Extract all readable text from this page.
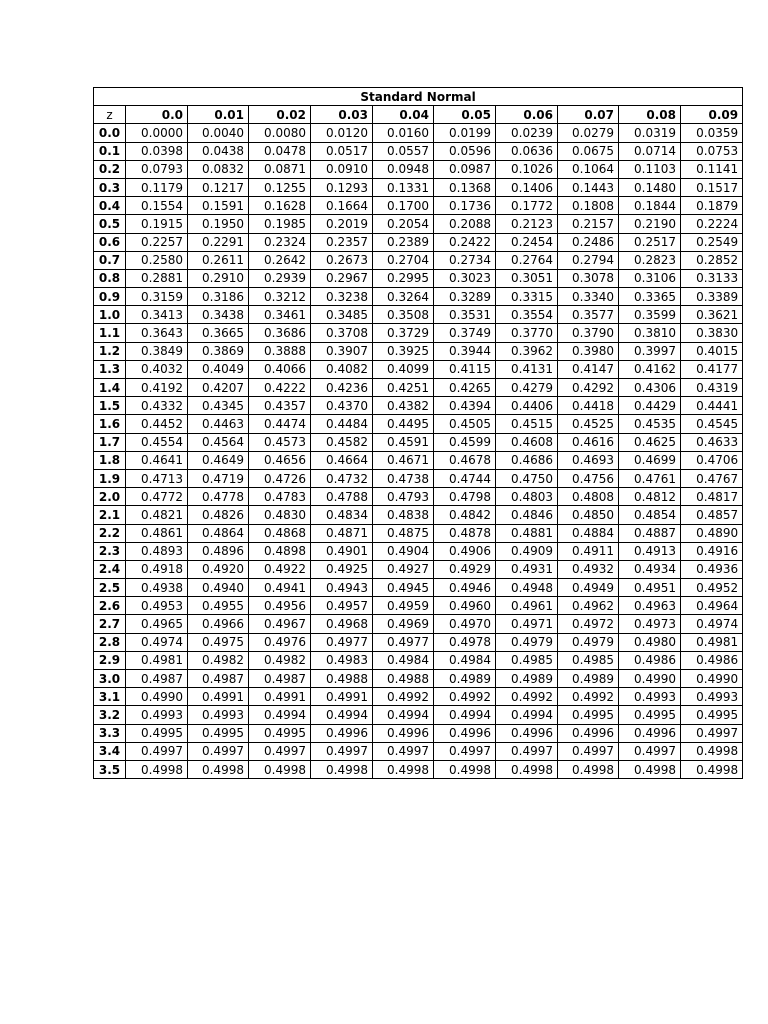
Standard Normal										
z	0.0	0.01	0.02	0.03	0.04	0.05	0.06	0.07	0.08	0.09
0.0	0.0000	0.0040	0.0080	0.0120	0.0160	0.0199	0.0239	0.0279	0.0319	0.0359
0.1	0.0398	0.0438	0.0478	0.0517	0.0557	0.0596	0.0636	0.0675	0.0714	0.0753
0.2	0.0793	0.0832	0.0871	0.0910	0.0948	0.0987	0.1026	0.1064	0.1103	0.1141
0.3	0.1179	0.1217	0.1255	0.1293	0.1331	0.1368	0.1406	0.1443	0.1480	0.1517
0.4	0.1554	0.1591	0.1628	0.1664	0.1700	0.1736	0.1772	0.1808	0.1844	0.1879
0.5	0.1915	0.1950	0.1985	0.2019	0.2054	0.2088	0.2123	0.2157	0.2190	0.2224
0.6	0.2257	0.2291	0.2324	0.2357	0.2389	0.2422	0.2454	0.2486	0.2517	0.2549
0.7	0.2580	0.2611	0.2642	0.2673	0.2704	0.2734	0.2764	0.2794	0.2823	0.2852
0.8	0.2881	0.2910	0.2939	0.2967	0.2995	0.3023	0.3051	0.3078	0.3106	0.3133
0.9	0.3159	0.3186	0.3212	0.3238	0.3264	0.3289	0.3315	0.3340	0.3365	0.3389
1.0	0.3413	0.3438	0.3461	0.3485	0.3508	0.3531	0.3554	0.3577	0.3599	0.3621
1.1	0.3643	0.3665	0.3686	0.3708	0.3729	0.3749	0.3770	0.3790	0.3810	0.3830
1.2	0.3849	0.3869	0.3888	0.3907	0.3925	0.3944	0.3962	0.3980	0.3997	0.4015
1.3	0.4032	0.4049	0.4066	0.4082	0.4099	0.4115	0.4131	0.4147	0.4162	0.4177
1.4	0.4192	0.4207	0.4222	0.4236	0.4251	0.4265	0.4279	0.4292	0.4306	0.4319
1.5	0.4332	0.4345	0.4357	0.4370	0.4382	0.4394	0.4406	0.4418	0.4429	0.4441
1.6	0.4452	0.4463	0.4474	0.4484	0.4495	0.4505	0.4515	0.4525	0.4535	0.4545
1.7	0.4554	0.4564	0.4573	0.4582	0.4591	0.4599	0.4608	0.4616	0.4625	0.4633
1.8	0.4641	0.4649	0.4656	0.4664	0.4671	0.4678	0.4686	0.4693	0.4699	0.4706
1.9	0.4713	0.4719	0.4726	0.4732	0.4738	0.4744	0.4750	0.4756	0.4761	0.4767
2.0	0.4772	0.4778	0.4783	0.4788	0.4793	0.4798	0.4803	0.4808	0.4812	0.4817
2.1	0.4821	0.4826	0.4830	0.4834	0.4838	0.4842	0.4846	0.4850	0.4854	0.4857
2.2	0.4861	0.4864	0.4868	0.4871	0.4875	0.4878	0.4881	0.4884	0.4887	0.4890
2.3	0.4893	0.4896	0.4898	0.4901	0.4904	0.4906	0.4909	0.4911	0.4913	0.4916
2.4	0.4918	0.4920	0.4922	0.4925	0.4927	0.4929	0.4931	0.4932	0.4934	0.4936
2.5	0.4938	0.4940	0.4941	0.4943	0.4945	0.4946	0.4948	0.4949	0.4951	0.4952
2.6	0.4953	0.4955	0.4956	0.4957	0.4959	0.4960	0.4961	0.4962	0.4963	0.4964
2.7	0.4965	0.4966	0.4967	0.4968	0.4969	0.4970	0.4971	0.4972	0.4973	0.4974
2.8	0.4974	0.4975	0.4976	0.4977	0.4977	0.4978	0.4979	0.4979	0.4980	0.4981
2.9	0.4981	0.4982	0.4982	0.4983	0.4984	0.4984	0.4985	0.4985	0.4986	0.4986
3.0	0.4987	0.4987	0.4987	0.4988	0.4988	0.4989	0.4989	0.4989	0.4990	0.4990
3.1	0.4990	0.4991	0.4991	0.4991	0.4992	0.4992	0.4992	0.4992	0.4993	0.4993
3.2	0.4993	0.4993	0.4994	0.4994	0.4994	0.4994	0.4994	0.4995	0.4995	0.4995
3.3	0.4995	0.4995	0.4995	0.4996	0.4996	0.4996	0.4996	0.4996	0.4996	0.4997
3.4	0.4997	0.4997	0.4997	0.4997	0.4997	0.4997	0.4997	0.4997	0.4997	0.4998
3.5	0.4998	0.4998	0.4998	0.4998	0.4998	0.4998	0.4998	0.4998	0.4998	0.4998
